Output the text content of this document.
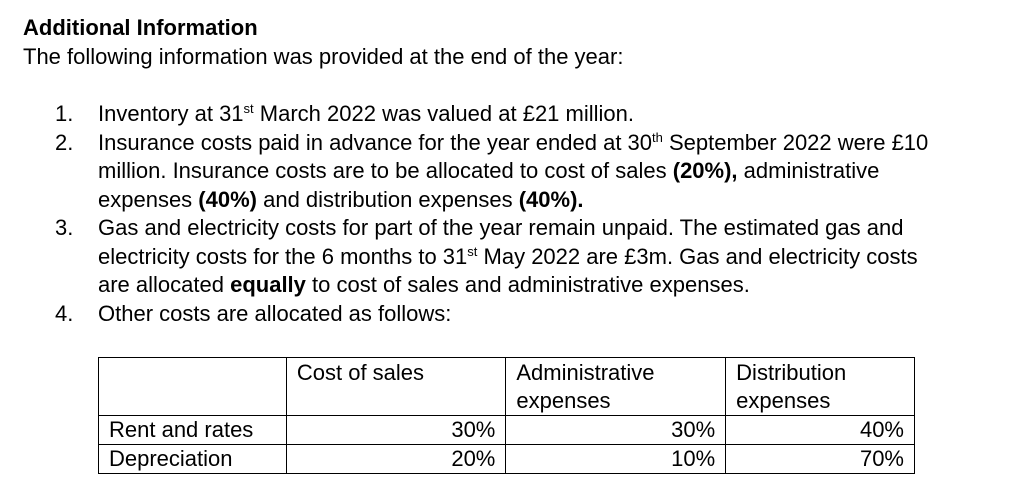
Additional Information
The following information was provided at the end of the year:
1. Inventory at 31st March 2022 was valued at £21 million.
2. Insurance costs paid in advance for the year ended at 30th September 2022 were £10 million. Insurance costs are to be allocated to cost of sales (20%), administrative expenses (40%) and distribution expenses (40%).
3. Gas and electricity costs for part of the year remain unpaid. The estimated gas and electricity costs for the 6 months to 31st May 2022 are £3m. Gas and electricity costs are allocated equally to cost of sales and administrative expenses.
4. Other costs are allocated as follows:
	Cost of sales	Administrative expenses	Distribution expenses
Rent and rates	30%	30%	40%
Depreciation	20%	10%	70%
